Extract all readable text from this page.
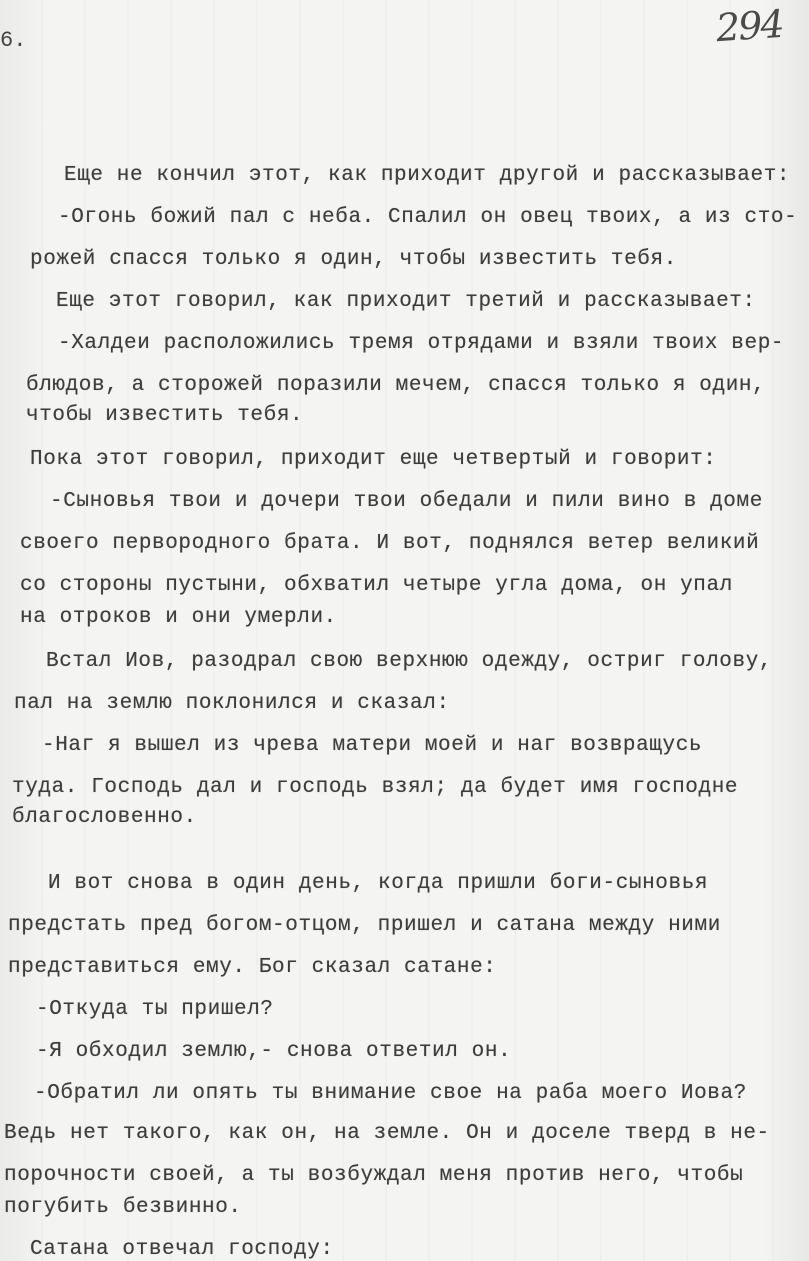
6.	294
Еще не кончил этот, как приходит другой и рассказывает:
-Огонь божий пал с неба. Спалил он овец твоих, а из сто-
рожей спасся только я один, чтобы известить тебя.
Еще этот говорил, как приходит третий и рассказывает:
-Халдеи расположились тремя отрядами и взяли твоих вер-
блюдов, а сторожей поразили мечем, спасся только я один,
чтобы известить тебя.
Пока этот говорил, приходит еще четвертый и говорит:
-Сыновья твои и дочери твои обедали и пили вино в доме
своего первородного брата. И вот, поднялся ветер великий
со стороны пустыни, обхватил четыре угла дома, он упал
на отроков и они умерли.
Встал Иов, разодрал свою верхнюю одежду, остриг голову,
пал на землю поклонился и сказал:
-Наг я вышел из чрева матери моей и наг возвращусь
туда. Господь дал и господь взял; да будет имя господне
благословенно.
И вот снова в один день, когда пришли боги-сыновья
предстать пред богом-отцом, пришел и сатана между ними
представиться ему. Бог сказал сатане:
-Откуда ты пришел?
-Я обходил землю,- снова ответил он.
-Обратил ли опять ты внимание свое на раба моего Иова?
Ведь нет такого, как он, на земле. Он и доселе тверд в не-
порочности своей, а ты возбуждал меня против него, чтобы
погубить безвинно.
Сатана отвечал господу:
